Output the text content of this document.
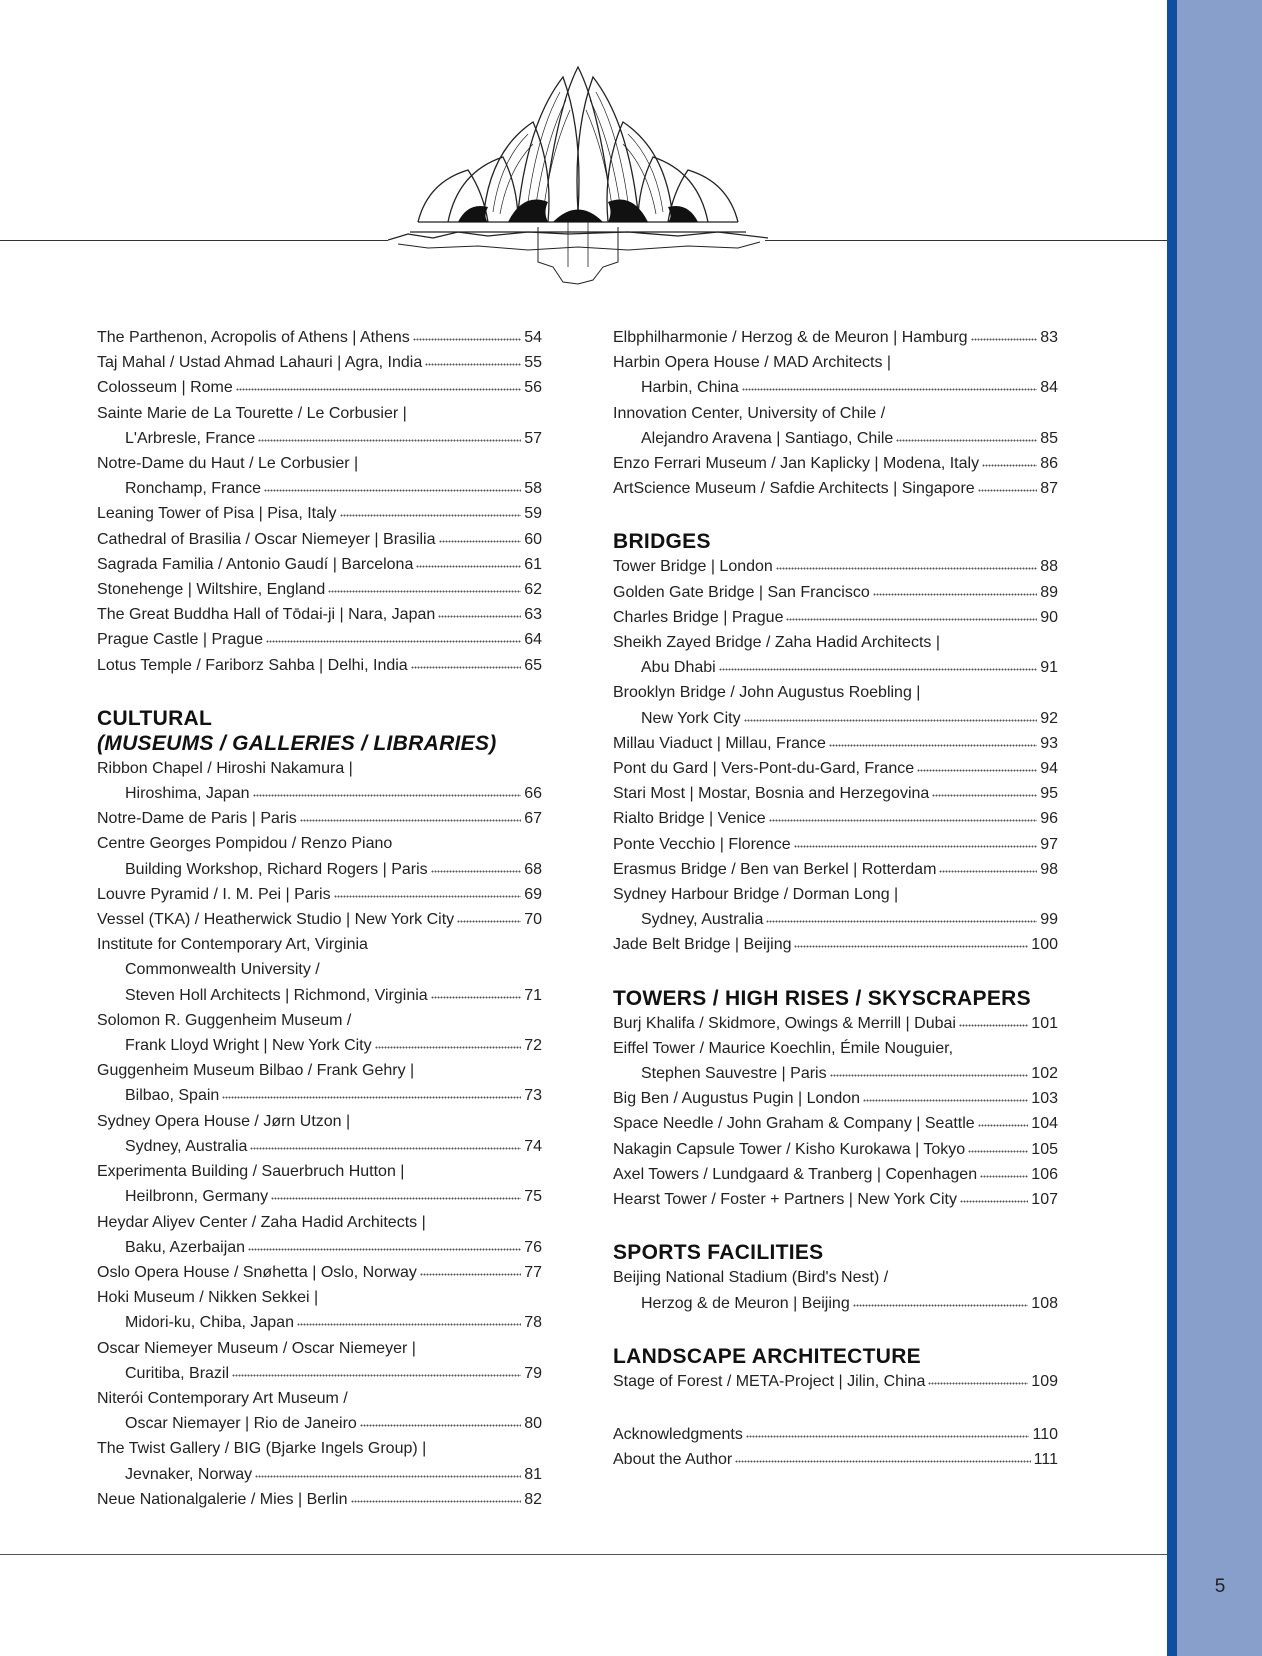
5
The Parthenon, Acropolis of Athens | Athens	54
Taj Mahal / Ustad Ahmad Lahauri | Agra, India	55
Colosseum | Rome	56
Sainte Marie de La Tourette / Le Corbusier |
L'Arbresle, France	57
Notre-Dame du Haut / Le Corbusier |
Ronchamp, France	58
Leaning Tower of Pisa | Pisa, Italy	59
Cathedral of Brasilia / Oscar Niemeyer | Brasilia	60
Sagrada Familia / Antonio Gaudí | Barcelona	61
Stonehenge | Wiltshire, England	62
The Great Buddha Hall of Tōdai-ji | Nara, Japan	63
Prague Castle | Prague	64
Lotus Temple / Fariborz Sahba | Delhi, India	65
CULTURAL
(MUSEUMS / GALLERIES / LIBRARIES)
Ribbon Chapel / Hiroshi Nakamura |
Hiroshima, Japan	66
Notre-Dame de Paris | Paris	67
Centre Georges Pompidou / Renzo Piano
Building Workshop, Richard Rogers | Paris	68
Louvre Pyramid / I. M. Pei | Paris	69
Vessel (TKA) / Heatherwick Studio | New York City	70
Institute for Contemporary Art, Virginia
Commonwealth University /
Steven Holl Architects | Richmond, Virginia	71
Solomon R. Guggenheim Museum /
Frank Lloyd Wright | New York City	72
Guggenheim Museum Bilbao / Frank Gehry |
Bilbao, Spain	73
Sydney Opera House / Jørn Utzon |
Sydney, Australia	74
Experimenta Building / Sauerbruch Hutton |
Heilbronn, Germany	75
Heydar Aliyev Center / Zaha Hadid Architects |
Baku, Azerbaijan	76
Oslo Opera House / Snøhetta | Oslo, Norway	77
Hoki Museum / Nikken Sekkei |
Midori-ku, Chiba, Japan	78
Oscar Niemeyer Museum / Oscar Niemeyer |
Curitiba, Brazil	79
Niterói Contemporary Art Museum /
Oscar Niemayer | Rio de Janeiro	80
The Twist Gallery / BIG (Bjarke Ingels Group) |
Jevnaker, Norway	81
Neue Nationalgalerie / Mies | Berlin	82
Elbphilharmonie / Herzog & de Meuron | Hamburg	83
Harbin Opera House / MAD Architects |
Harbin, China	84
Innovation Center, University of Chile /
Alejandro Aravena | Santiago, Chile	85
Enzo Ferrari Museum / Jan Kaplicky | Modena, Italy	86
ArtScience Museum / Safdie Architects | Singapore	87
BRIDGES
Tower Bridge | London	88
Golden Gate Bridge | San Francisco	89
Charles Bridge | Prague	90
Sheikh Zayed Bridge / Zaha Hadid Architects |
Abu Dhabi	91
Brooklyn Bridge / John Augustus Roebling |
New York City	92
Millau Viaduct | Millau, France	93
Pont du Gard | Vers-Pont-du-Gard, France	94
Stari Most | Mostar, Bosnia and Herzegovina	95
Rialto Bridge | Venice	96
Ponte Vecchio | Florence	97
Erasmus Bridge / Ben van Berkel | Rotterdam	98
Sydney Harbour Bridge / Dorman Long |
Sydney, Australia	99
Jade Belt Bridge | Beijing	100
TOWERS / HIGH RISES / SKYSCRAPERS
Burj Khalifa / Skidmore, Owings & Merrill | Dubai	101
Eiffel Tower / Maurice Koechlin, Émile Nouguier,
Stephen Sauvestre | Paris	102
Big Ben / Augustus Pugin | London	103
Space Needle / John Graham & Company | Seattle	104
Nakagin Capsule Tower / Kisho Kurokawa | Tokyo	105
Axel Towers / Lundgaard & Tranberg | Copenhagen	106
Hearst Tower / Foster + Partners | New York City	107
SPORTS FACILITIES
Beijing National Stadium (Bird's Nest) /
Herzog & de Meuron | Beijing	108
LANDSCAPE ARCHITECTURE
Stage of Forest / META-Project | Jilin, China	109
Acknowledgments	110
About the Author	111
